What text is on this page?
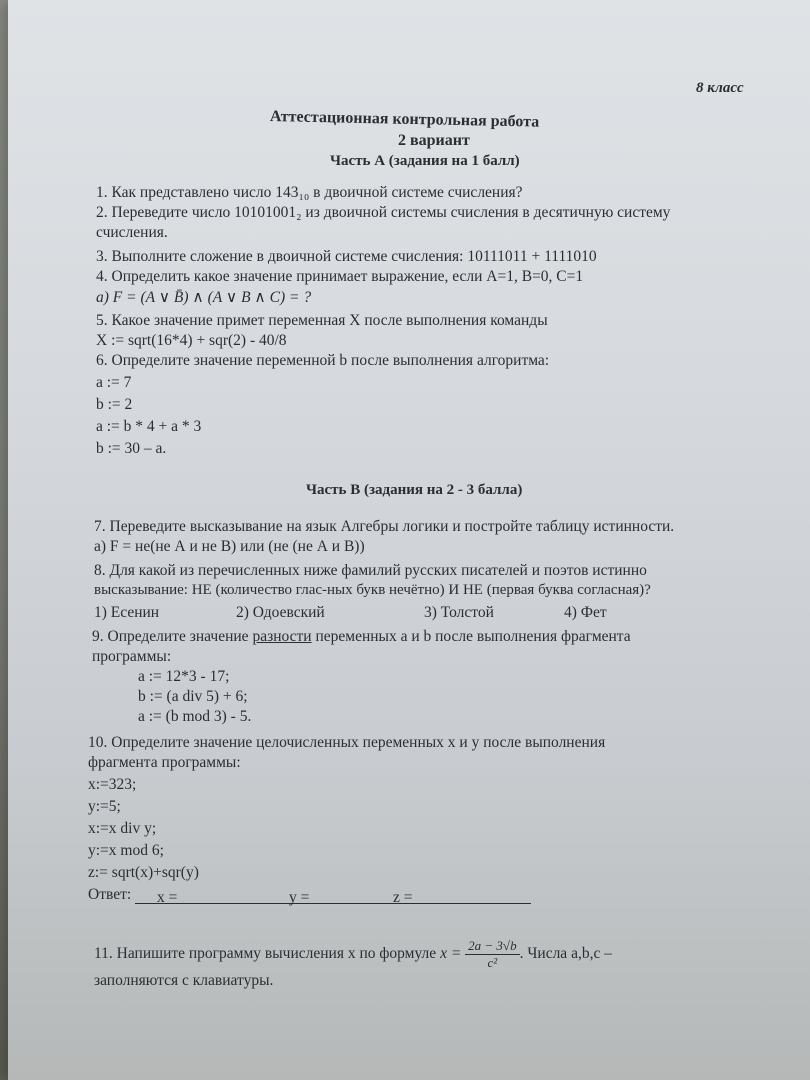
8 класс

Аттестационная контрольная работа

2 вариант

Часть А (задания на 1 балл)

1. Как представлено число 143₁₀ в двоичной системе счисления?

2. Переведите число 10101001₂ из двоичной системы счисления в десятичную систему

счисления.

3. Выполните сложение в двоичной системе счисления: 10111011 + 1111010

4. Определить какое значение принимает выражение, если A=1, B=0, C=1

а) F = (A ∨ B̄) ∧ (A ∨ B ∧ C) = ?

5. Какое значение примет переменная X после выполнения команды

X := sqrt(16*4) + sqr(2) - 40/8

6. Определите значение переменной b после выполнения алгоритма:

a := 7

b := 2

a := b * 4 + a * 3

b := 30 – a.

Часть В (задания на 2 - 3 балла)

7. Переведите высказывание на язык Алгебры логики и постройте таблицу истинности.

а) F = не(не А и не В) или (не (не А и В))

8. Для какой из перечисленных ниже фамилий русских писателей и поэтов истинно

высказывание: НЕ (количество глас-ных букв нечётно) И НЕ (первая буква согласная)?

1) Есенин	2) Одоевский	3) Толстой	4) Фет

9. Определите значение разности переменных a и b после выполнения фрагмента

программы:

a := 12*3 - 17;

b := (a div 5) + 6;

a := (b mod 3) - 5.

10. Определите значение целочисленных переменных x и y после выполнения

фрагмента программы:

x:=323;

y:=5;

x:=x div y;

y:=x mod 6;

z:= sqrt(x)+sqr(y)

Ответ: x =	y =	z =

11. Напишите программу вычисления x по формуле $x = \frac{2a - 3√b}{\text{c²}}$ . Числа a,b,c –

заполняются с клавиатуры.
